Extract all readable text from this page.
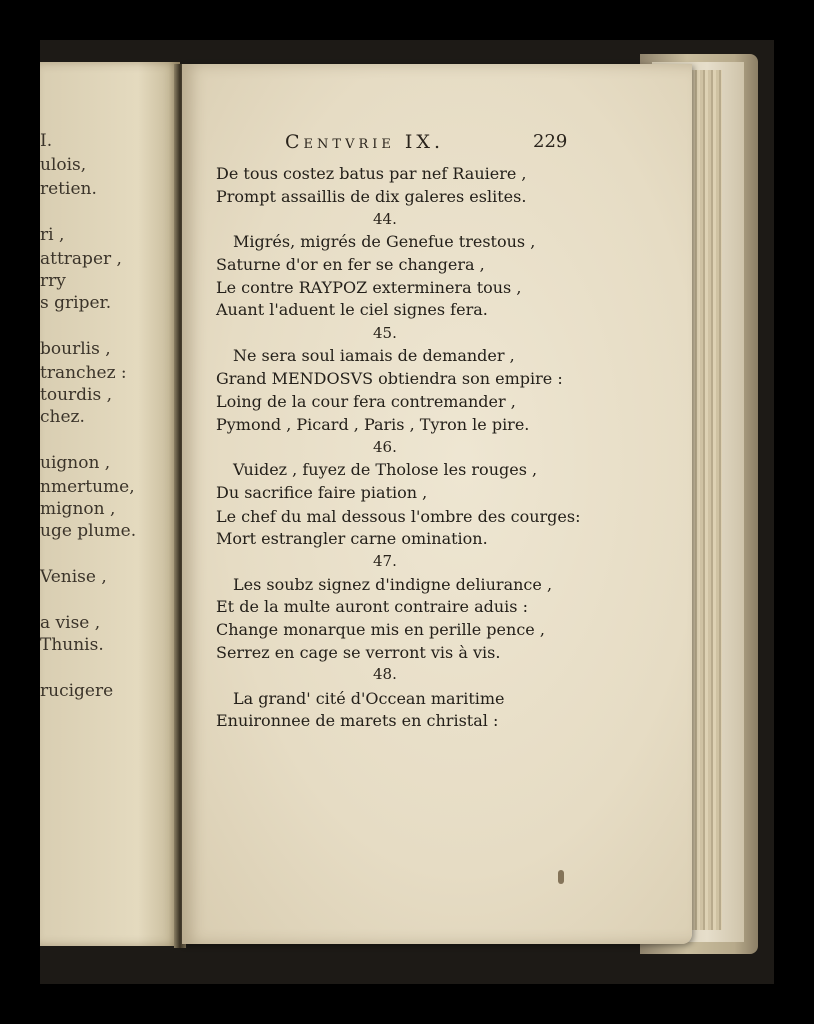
I.
ulois,
retien.
ri ,
attraper ,
rry
s griper.
bourlis ,
tranchez :
tourdis ,
chez.
uignon ,
nmertume,
mignon ,
uge plume.
Venise ,
a vise ,
Thunis.
rucigere
Centvrie IX.	229
De tous costez batus par nef Rauiere ,
Prompt assaillis de dix galeres eslites.
44.
Migrés, migrés de Genefue trestous ,
Saturne d'or en fer se changera ,
Le contre RAYPOZ exterminera tous ,
Auant l'aduent le ciel signes fera.
45.
Ne sera soul iamais de demander ,
Grand MENDOSVS obtiendra son empire :
Loing de la cour fera contremander ,
Pymond , Picard , Paris , Tyron le pire.
46.
Vuidez , fuyez de Tholose les rouges ,
Du sacrifice faire piation ,
Le chef du mal dessous l'ombre des courges:
Mort estrangler carne omination.
47.
Les soubz signez d'indigne deliurance ,
Et de la multe auront contraire aduis :
Change monarque mis en perille pence ,
Serrez en cage se verront vis à vis.
48.
La grand' cité d'Occean maritime
Enuironnee de marets en christal :
